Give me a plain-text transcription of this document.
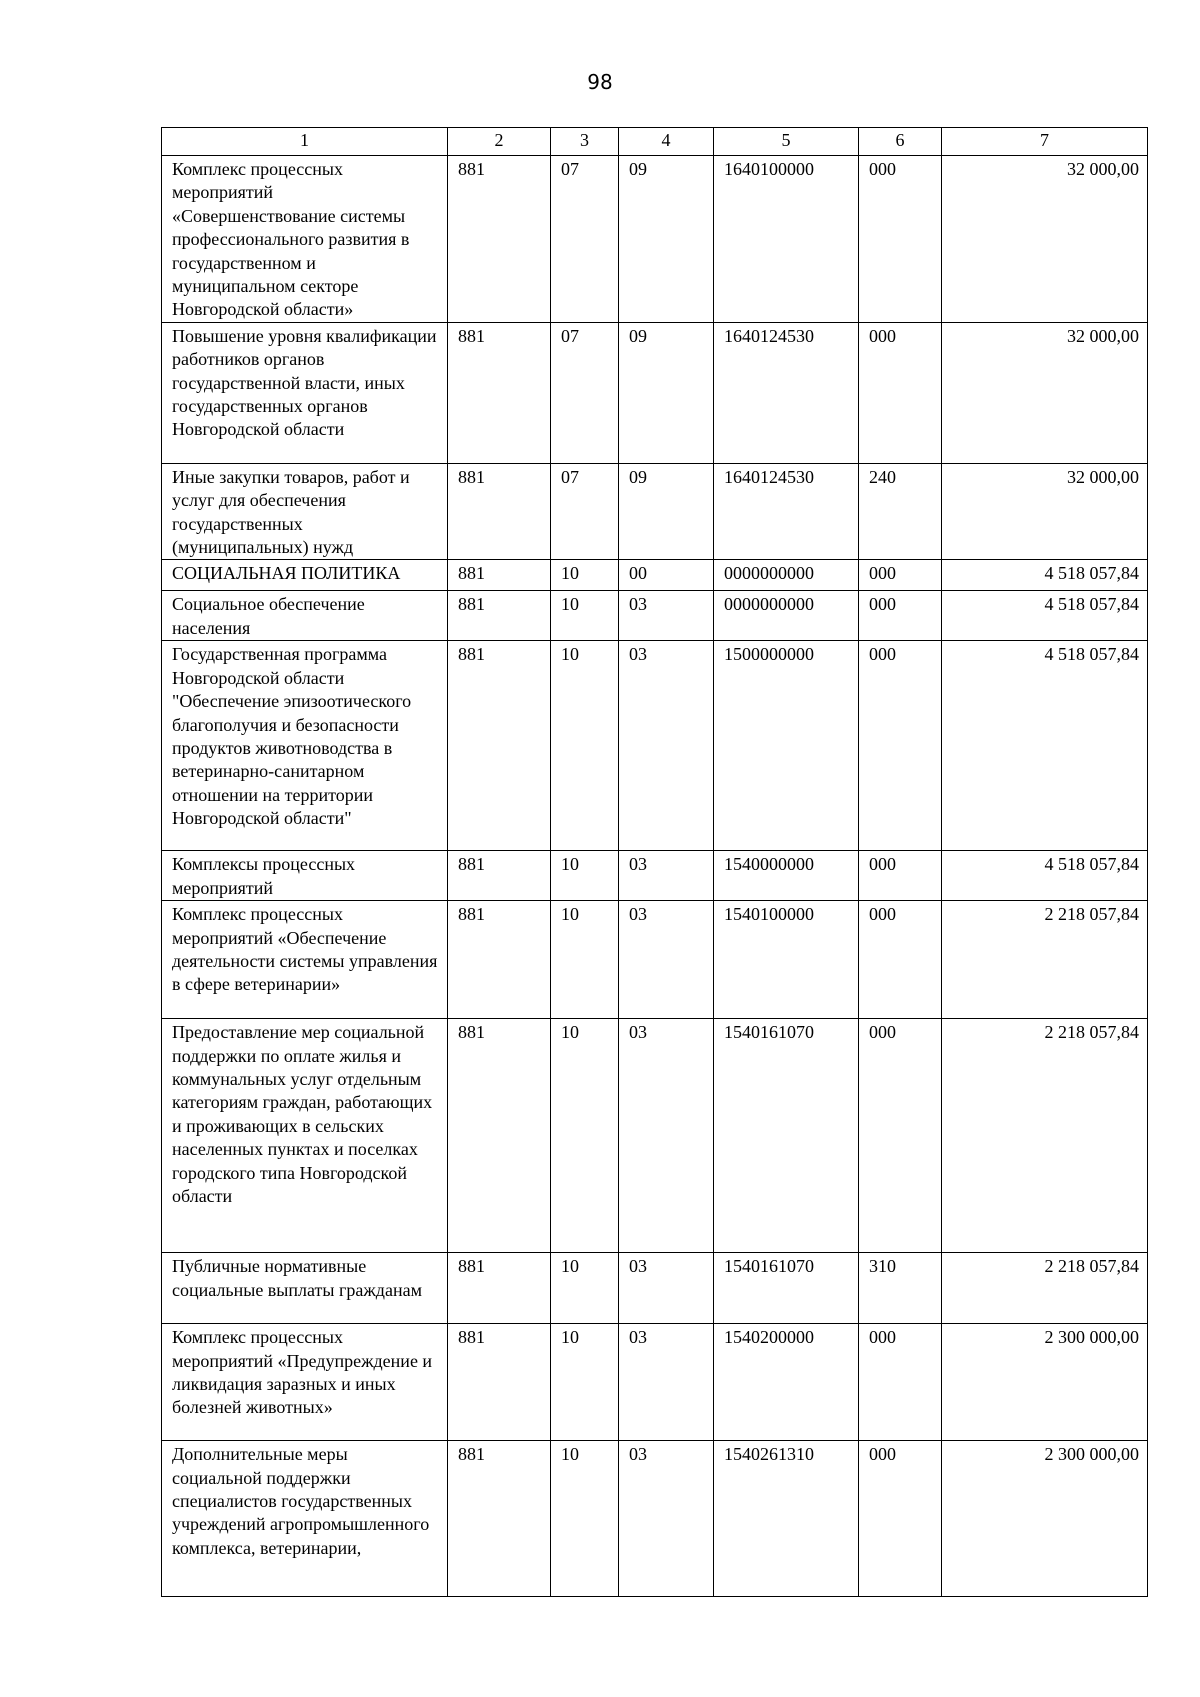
98
1	2	3	4	5	6	7
Комплекс процессных мероприятий «Совершенствование системы профессионального развития в государственном и муниципальном секторе Новгородской области»	881	07	09	1640100000	000	32 000,00
Повышение уровня квалификации работников органов государственной власти, иных государственных органов Новгородской области	881	07	09	1640124530	000	32 000,00
Иные закупки товаров, работ и услуг для обеспечения государственных (муниципальных) нужд	881	07	09	1640124530	240	32 000,00
СОЦИАЛЬНАЯ ПОЛИТИКА	881	10	00	0000000000	000	4 518 057,84
Социальное обеспечение населения	881	10	03	0000000000	000	4 518 057,84
Государственная программа Новгородской области "Обеспечение эпизоотического благополучия и безопасности продуктов животноводства в ветеринарно-санитарном отношении на территории Новгородской области"	881	10	03	1500000000	000	4 518 057,84
Комплексы процессных мероприятий	881	10	03	1540000000	000	4 518 057,84
Комплекс процессных мероприятий «Обеспечение деятельности системы управления в сфере ветеринарии»	881	10	03	1540100000	000	2 218 057,84
Предоставление мер социальной поддержки по оплате жилья и коммунальных услуг отдельным категориям граждан, работающих и проживающих в сельских населенных пунктах и поселках городского типа Новгородской области	881	10	03	1540161070	000	2 218 057,84
Публичные нормативные социальные выплаты гражданам	881	10	03	1540161070	310	2 218 057,84
Комплекс процессных мероприятий «Предупреждение и ликвидация заразных и иных болезней животных»	881	10	03	1540200000	000	2 300 000,00
Дополнительные меры социальной поддержки специалистов государственных учреждений агропромышленного комплекса, ветеринарии,	881	10	03	1540261310	000	2 300 000,00
